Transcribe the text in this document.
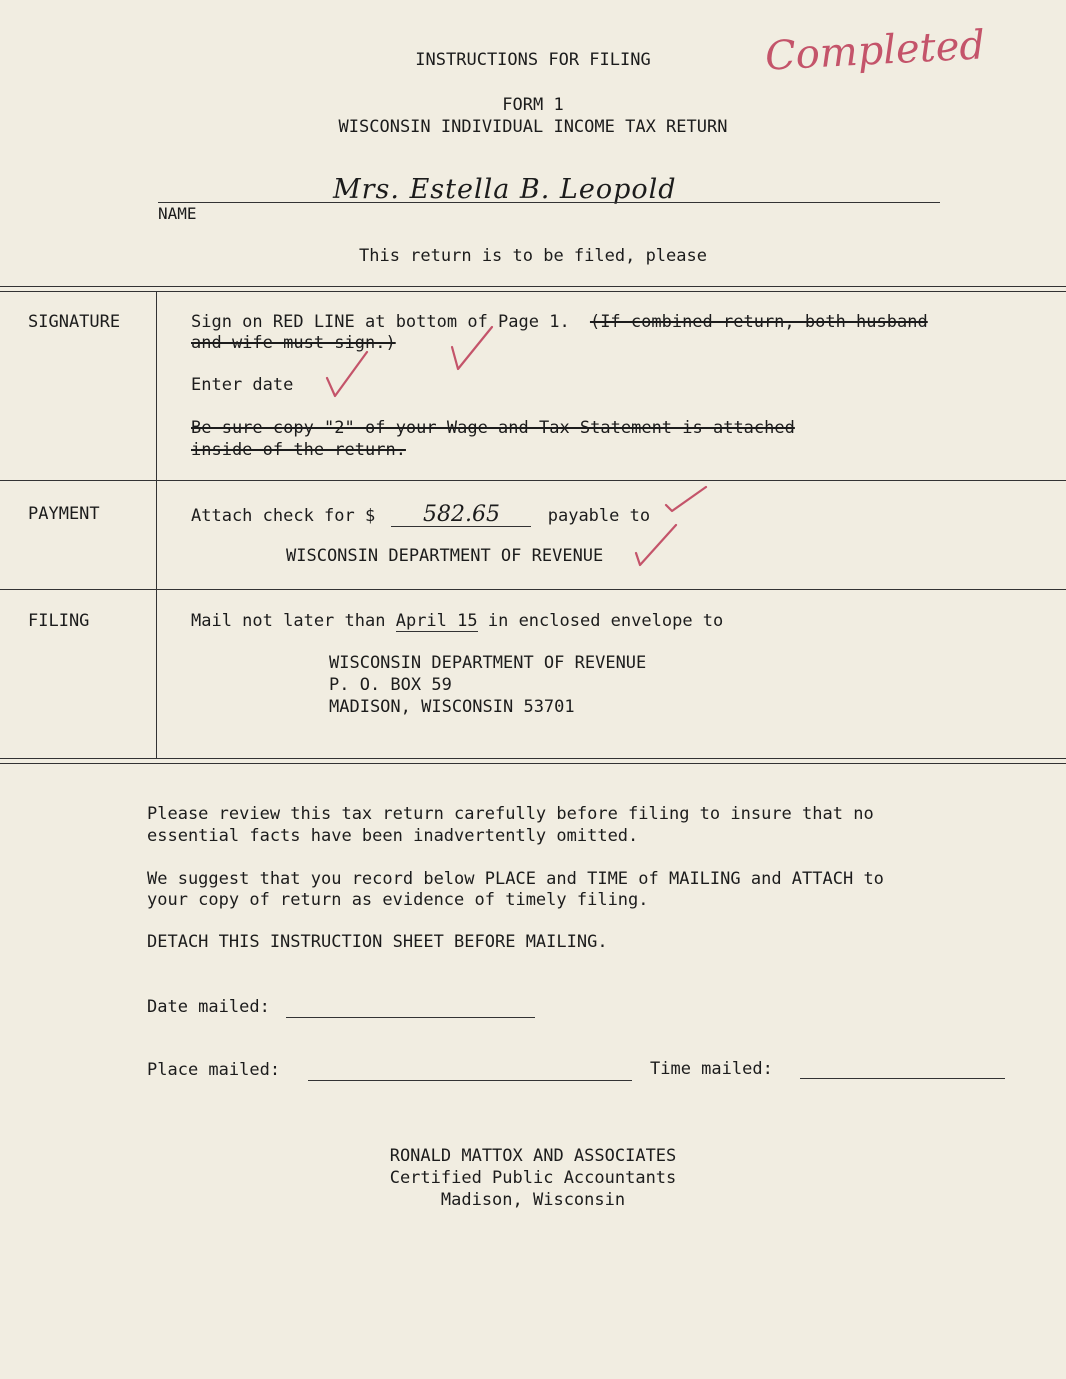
INSTRUCTIONS FOR FILING
FORM 1
WISCONSIN INDIVIDUAL INCOME TAX RETURN
Completed
Mrs. Estella B. Leopold
NAME
This return is to be filed, please
SIGNATURE	Sign on RED LINE at bottom of Page 1. (If combined return, both husband
and wife must sign.)
Enter date
Be sure copy "2" of your Wage and Tax Statement is attached
inside of the return.
PAYMENT	Attach check for $ 582.65	payable to
WISCONSIN DEPARTMENT OF REVENUE
FILING	Mail not later than April 15 in enclosed envelope to
WISCONSIN DEPARTMENT OF REVENUE
P. O. BOX 59
MADISON, WISCONSIN 53701
Please review this tax return carefully before filing to insure that no
essential facts have been inadvertently omitted.
We suggest that you record below PLACE and TIME of MAILING and ATTACH to
your copy of return as evidence of timely filing.
DETACH THIS INSTRUCTION SHEET BEFORE MAILING.
Date mailed:
Place mailed:	Time mailed:
RONALD MATTOX AND ASSOCIATES
Certified Public Accountants
Madison, Wisconsin
